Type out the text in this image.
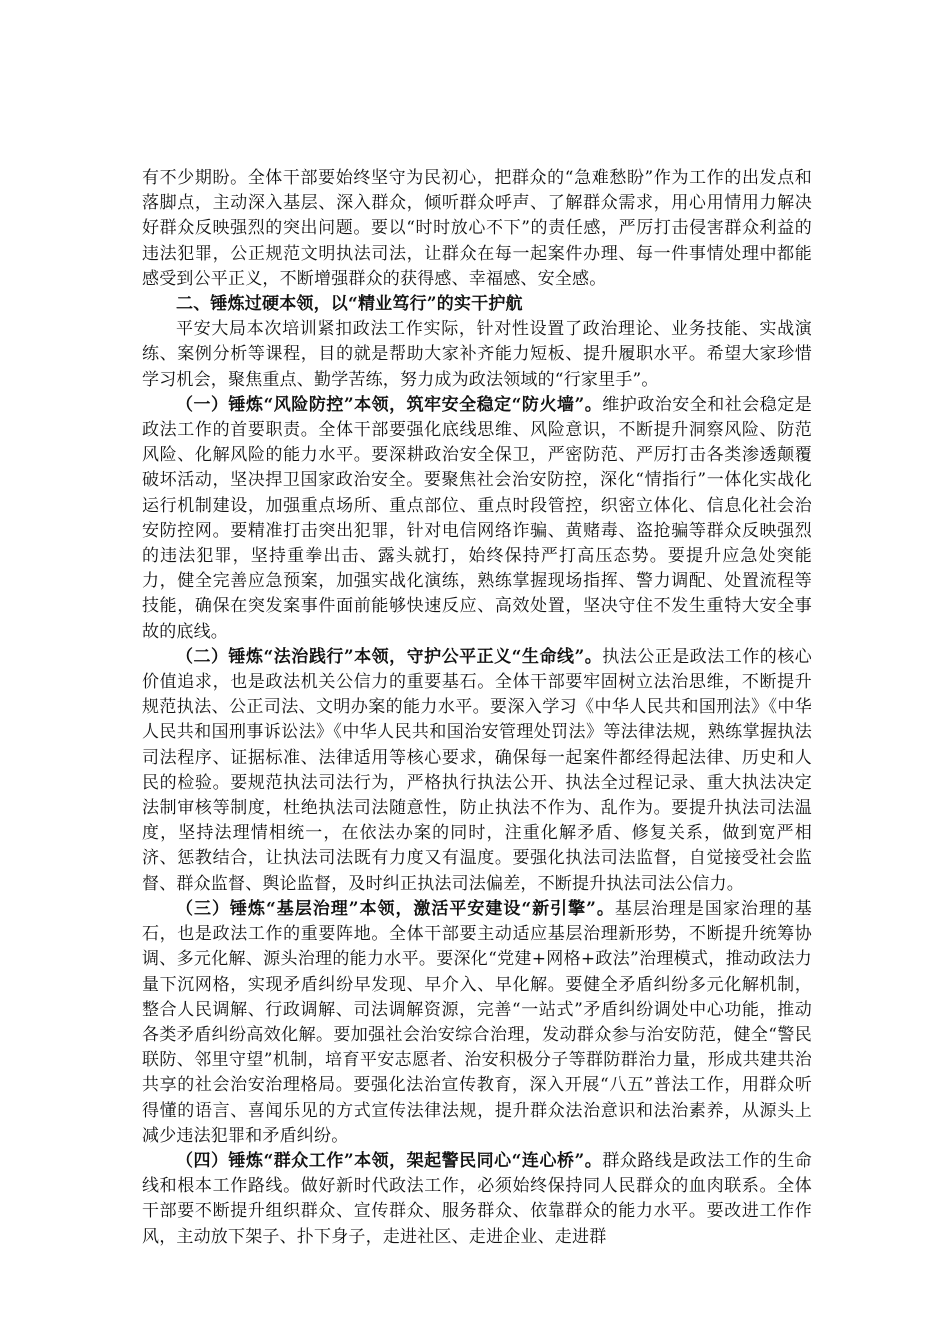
有不少期盼。全体干部要始终坚守为民初心，把群众的“急难愁盼”作为工作的出发点和落脚点，主动深入基层、深入群众，倾听群众呼声、了解群众需求，用心用情用力解决好群众反映强烈的突出问题。要以“时时放心不下”的责任感，严厉打击侵害群众利益的违法犯罪，公正规范文明执法司法，让群众在每一起案件办理、每一件事情处理中都能感受到公平正义，不断增强群众的获得感、幸福感、安全感。

二、锤炼过硬本领，以“精业笃行”的实干护航

平安大局本次培训紧扣政法工作实际，针对性设置了政治理论、业务技能、实战演练、案例分析等课程，目的就是帮助大家补齐能力短板、提升履职水平。希望大家珍惜学习机会，聚焦重点、勤学苦练，努力成为政法领域的“行家里手”。

（一）锤炼“风险防控”本领，筑牢安全稳定“防火墙”。维护政治安全和社会稳定是政法工作的首要职责。全体干部要强化底线思维、风险意识，不断提升洞察风险、防范风险、化解风险的能力水平。要深耕政治安全保卫，严密防范、严厉打击各类渗透颠覆破坏活动，坚决捍卫国家政治安全。要聚焦社会治安防控，深化“情指行”一体化实战化运行机制建设，加强重点场所、重点部位、重点时段管控，织密立体化、信息化社会治安防控网。要精准打击突出犯罪，针对电信网络诈骗、黄赌毒、盗抢骗等群众反映强烈的违法犯罪，坚持重拳出击、露头就打，始终保持严打高压态势。要提升应急处突能力，健全完善应急预案，加强实战化演练，熟练掌握现场指挥、警力调配、处置流程等技能，确保在突发案事件面前能够快速反应、高效处置，坚决守住不发生重特大安全事故的底线。

（二）锤炼“法治践行”本领，守护公平正义“生命线”。执法公正是政法工作的核心价值追求，也是政法机关公信力的重要基石。全体干部要牢固树立法治思维，不断提升规范执法、公正司法、文明办案的能力水平。要深入学习《中华人民共和国刑法》《中华人民共和国刑事诉讼法》《中华人民共和国治安管理处罚法》等法律法规，熟练掌握执法司法程序、证据标准、法律适用等核心要求，确保每一起案件都经得起法律、历史和人民的检验。要规范执法司法行为，严格执行执法公开、执法全过程记录、重大执法决定法制审核等制度，杜绝执法司法随意性，防止执法不作为、乱作为。要提升执法司法温度，坚持法理情相统一，在依法办案的同时，注重化解矛盾、修复关系，做到宽严相济、惩教结合，让执法司法既有力度又有温度。要强化执法司法监督，自觉接受社会监督、群众监督、舆论监督，及时纠正执法司法偏差，不断提升执法司法公信力。

（三）锤炼“基层治理”本领，激活平安建设“新引擎”。基层治理是国家治理的基石，也是政法工作的重要阵地。全体干部要主动适应基层治理新形势，不断提升统筹协调、多元化解、源头治理的能力水平。要深化“党建+网格+政法”治理模式，推动政法力量下沉网格，实现矛盾纠纷早发现、早介入、早化解。要健全矛盾纠纷多元化解机制，整合人民调解、行政调解、司法调解资源，完善“一站式”矛盾纠纷调处中心功能，推动各类矛盾纠纷高效化解。要加强社会治安综合治理，发动群众参与治安防范，健全“警民联防、邻里守望”机制，培育平安志愿者、治安积极分子等群防群治力量，形成共建共治共享的社会治安治理格局。要强化法治宣传教育，深入开展“八五”普法工作，用群众听得懂的语言、喜闻乐见的方式宣传法律法规，提升群众法治意识和法治素养，从源头上减少违法犯罪和矛盾纠纷。

（四）锤炼“群众工作”本领，架起警民同心“连心桥”。群众路线是政法工作的生命线和根本工作路线。做好新时代政法工作，必须始终保持同人民群众的血肉联系。全体干部要不断提升组织群众、宣传群众、服务群众、依靠群众的能力水平。要改进工作作风，主动放下架子、扑下身子，走进社区、走进企业、走进群
